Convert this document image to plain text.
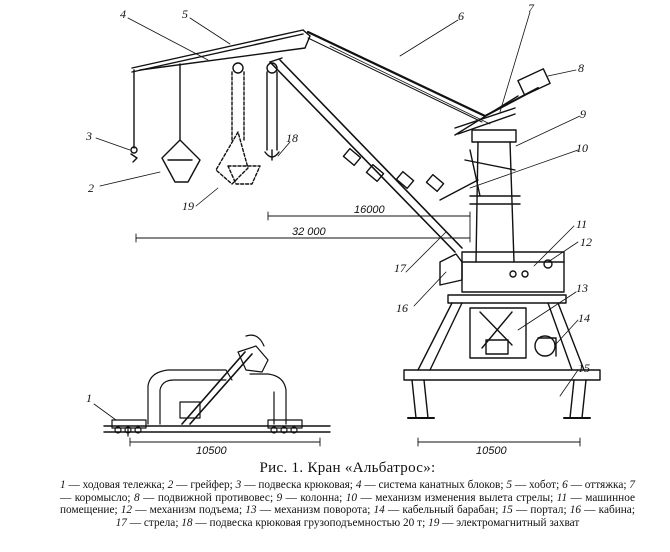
1
2
3
4	5	6
7
8
9
10
11
12
13
14
15
16
17
18
19
32 000
16000
10500	10500
Рис. 1. Кран «Альбатрос»:
1 — ходовая тележка; 2 — грейфер; 3 — подвеска крюковая; 4 — система канатных блоков; 5 — хобот; 6 — оттяжка; 7 — коромысло; 8 — подвижной противовес; 9 — колонна; 10 — механизм изменения вылета стрелы; 11 — машинное помещение; 12 — механизм подъема; 13 — механизм поворота; 14 — кабельный барабан; 15 — портал; 16 — кабина; 17 — стрела; 18 — подвеска крюковая грузоподъемностью 20 т; 19 — электромагнитный захват
